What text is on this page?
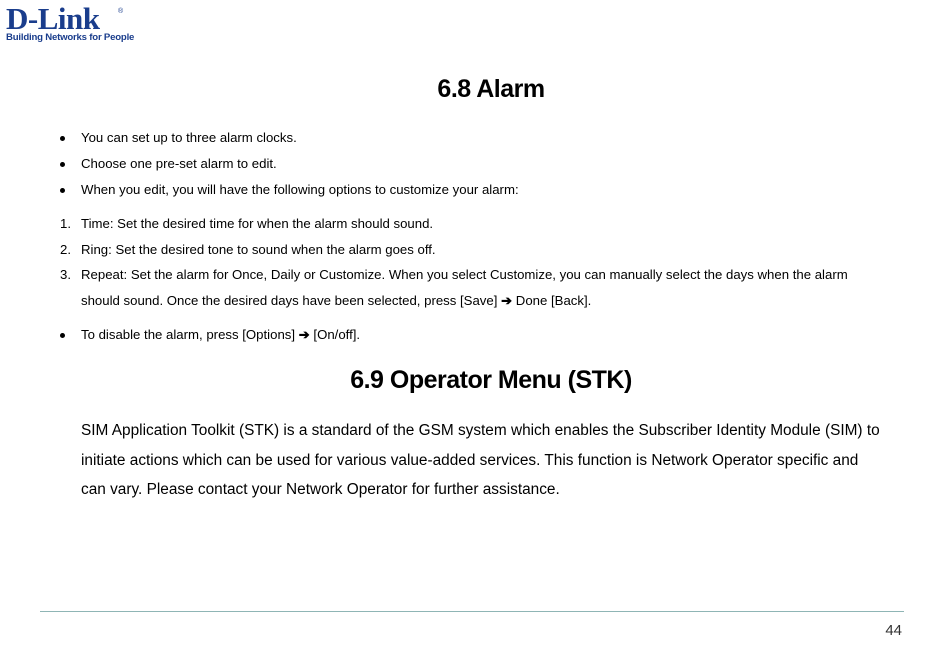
D-Link	®
Building Networks for People
6.8 Alarm
You can set up to three alarm clocks.
Choose one pre-set alarm to edit.
When you edit, you will have the following options to customize your alarm:
1. Time: Set the desired time for when the alarm should sound.
2. Ring: Set the desired tone to sound when the alarm goes off.
3. Repeat: Set the alarm for Once, Daily or Customize. When you select Customize, you can manually select the days when the alarm
should sound. Once the desired days have been selected, press [Save] ➔ Done [Back].
To disable the alarm, press [Options] ➔ [On/off].
6.9 Operator Menu (STK)
SIM Application Toolkit (STK) is a standard of the GSM system which enables the Subscriber Identity Module (SIM) to
initiate actions which can be used for various value-added services. This function is Network Operator specific and
can vary. Please contact your Network Operator for further assistance.
44
